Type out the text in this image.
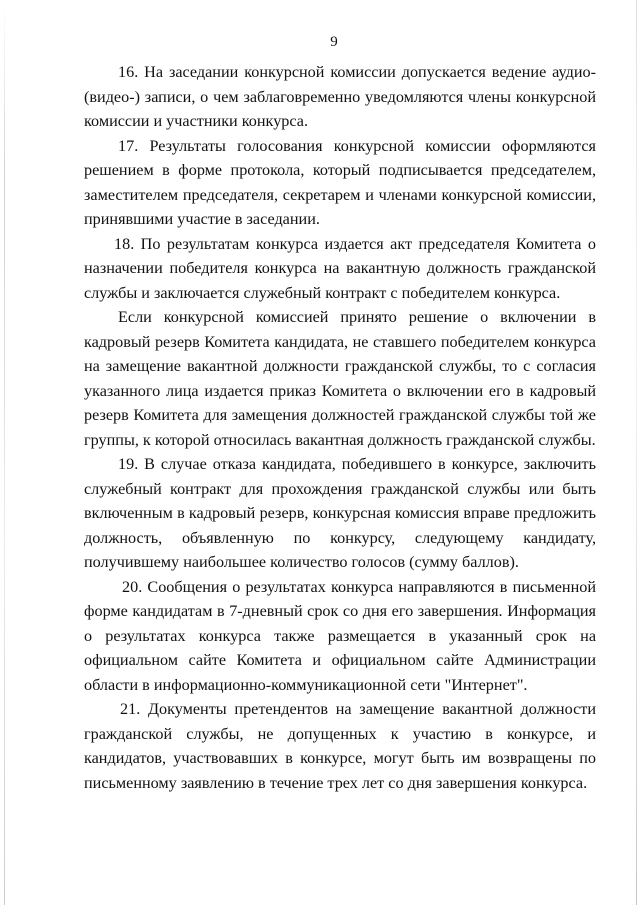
9

16. На заседании конкурсной комиссии допускается ведение аудио-(видео-) записи, о чем заблаговременно уведомляются члены конкурсной комиссии и участники конкурса.

17. Результаты голосования конкурсной комиссии оформляются решением в форме протокола, который подписывается председателем, заместителем председателя, секретарем и членами конкурсной комиссии, принявшими участие в заседании.

18. По результатам конкурса издается акт председателя Комитета о назначении победителя конкурса на вакантную должность гражданской службы и заключается служебный контракт с победителем конкурса.

Если конкурсной комиссией принято решение о включении в кадровый резерв Комитета кандидата, не ставшего победителем конкурса на замещение вакантной должности гражданской службы, то с согласия указанного лица издается приказ Комитета о включении его в кадровый резерв Комитета для замещения должностей гражданской службы той же группы, к которой относилась вакантная должность гражданской службы.

19. В случае отказа кандидата, победившего в конкурсе, заключить служебный контракт для прохождения гражданской службы или быть включенным в кадровый резерв, конкурсная комиссия вправе предложить должность, объявленную по конкурсу, следующему кандидату, получившему наибольшее количество голосов (сумму баллов).

20. Сообщения о результатах конкурса направляются в письменной форме кандидатам в 7-дневный срок со дня его завершения. Информация о результатах конкурса также размещается в указанный срок на официальном сайте Комитета и официальном сайте Администрации области в информационно-коммуникационной сети "Интернет".

21. Документы претендентов на замещение вакантной должности гражданской службы, не допущенных к участию в конкурсе, и кандидатов, участвовавших в конкурсе, могут быть им возвращены по письменному заявлению в течение трех лет со дня завершения конкурса.
